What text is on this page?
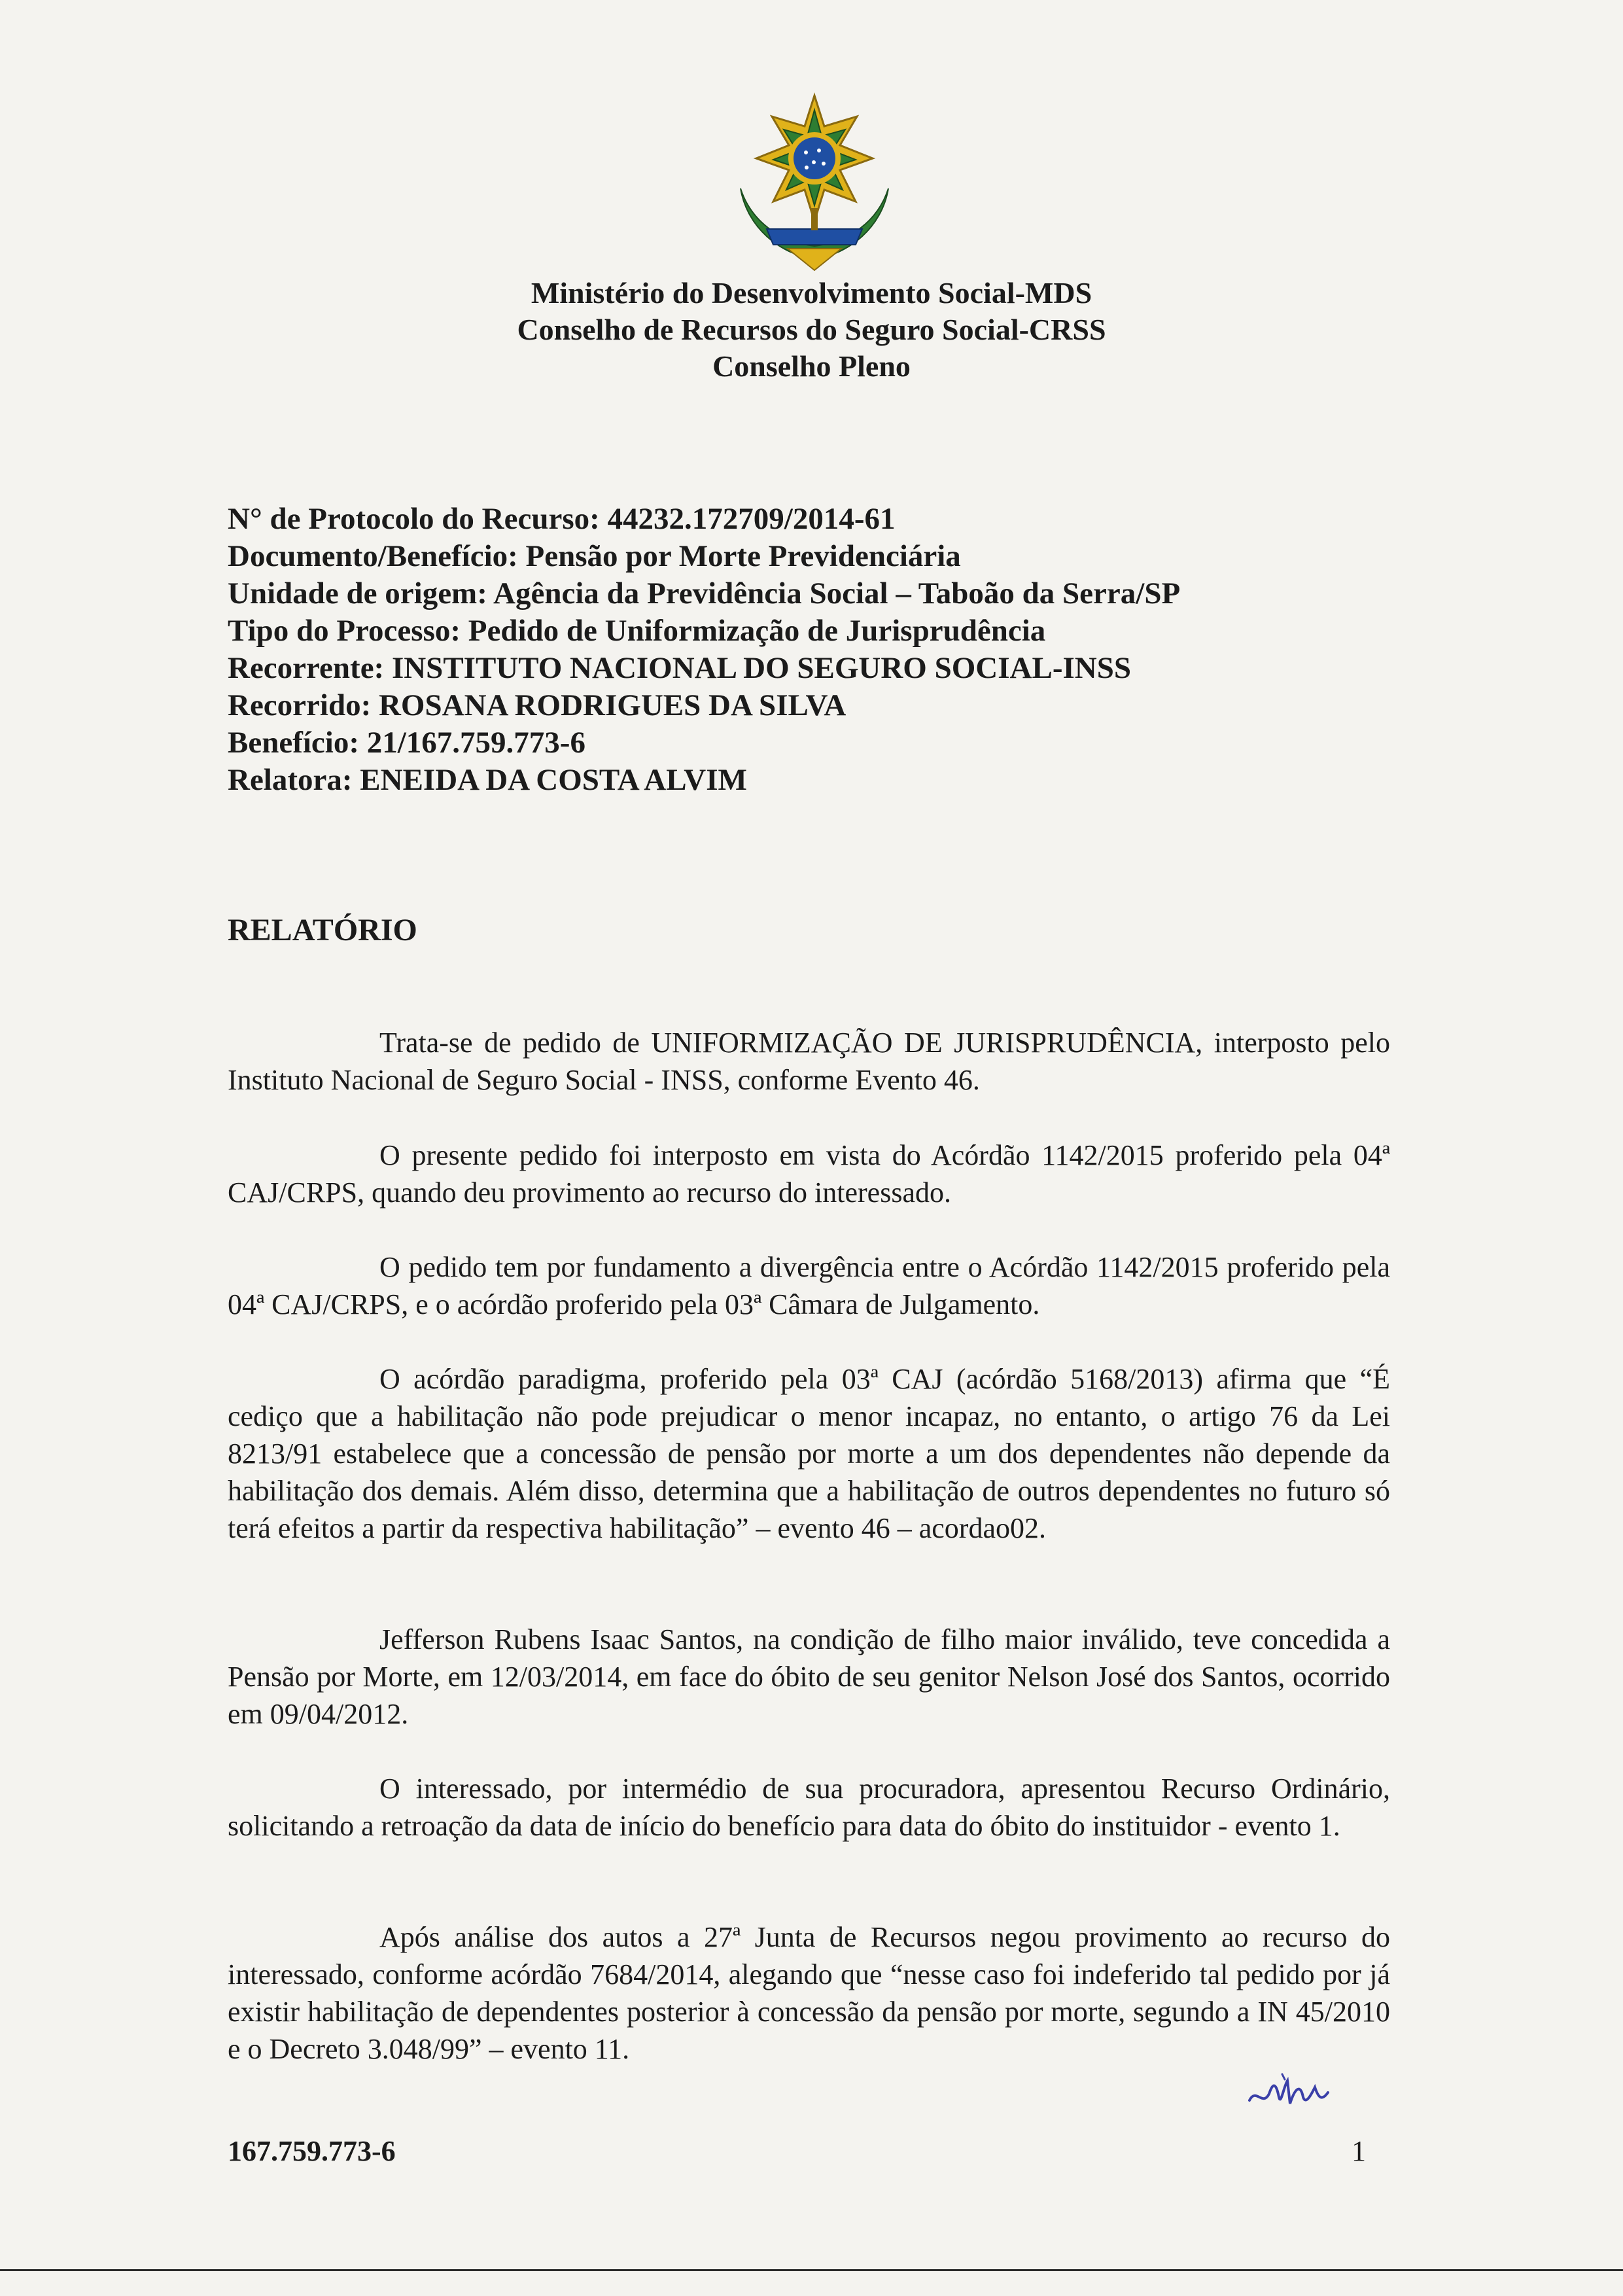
Ministério do Desenvolvimento Social-MDS
Conselho de Recursos do Seguro Social-CRSS
Conselho Pleno
N° de Protocolo do Recurso: 44232.172709/2014-61
Documento/Benefício: Pensão por Morte Previdenciária
Unidade de origem: Agência da Previdência Social – Taboão da Serra/SP
Tipo do Processo: Pedido de Uniformização de Jurisprudência
Recorrente: INSTITUTO NACIONAL DO SEGURO SOCIAL-INSS
Recorrido: ROSANA RODRIGUES DA SILVA
Benefício: 21/167.759.773-6
Relatora: ENEIDA DA COSTA ALVIM
RELATÓRIO
Trata-se de pedido de UNIFORMIZAÇÃO DE JURISPRUDÊNCIA, interposto pelo Instituto Nacional de Seguro Social - INSS, conforme Evento 46.
O presente pedido foi interposto em vista do Acórdão 1142/2015 proferido pela 04ª CAJ/CRPS, quando deu provimento ao recurso do interessado.
O pedido tem por fundamento a divergência entre o Acórdão 1142/2015 proferido pela 04ª CAJ/CRPS, e o acórdão proferido pela 03ª Câmara de Julgamento.
O acórdão paradigma, proferido pela 03ª CAJ (acórdão 5168/2013) afirma que “É cediço que a habilitação não pode prejudicar o menor incapaz, no entanto, o artigo 76 da Lei 8213/91 estabelece que a concessão de pensão por morte a um dos dependentes não depende da habilitação dos demais. Além disso, determina que a habilitação de outros dependentes no futuro só terá efeitos a partir da respectiva habilitação” – evento 46 – acordao02.
Jefferson Rubens Isaac Santos, na condição de filho maior inválido, teve concedida a Pensão por Morte, em 12/03/2014, em face do óbito de seu genitor Nelson José dos Santos, ocorrido em 09/04/2012.
O interessado, por intermédio de sua procuradora, apresentou Recurso Ordinário, solicitando a retroação da data de início do benefício para data do óbito do instituidor - evento 1.
Após análise dos autos a 27ª Junta de Recursos negou provimento ao recurso do interessado, conforme acórdão 7684/2014, alegando que “nesse caso foi indeferido tal pedido por já existir habilitação de dependentes posterior à concessão da pensão por morte, segundo a IN 45/2010 e o Decreto 3.048/99” – evento 11.
167.759.773-6	1
